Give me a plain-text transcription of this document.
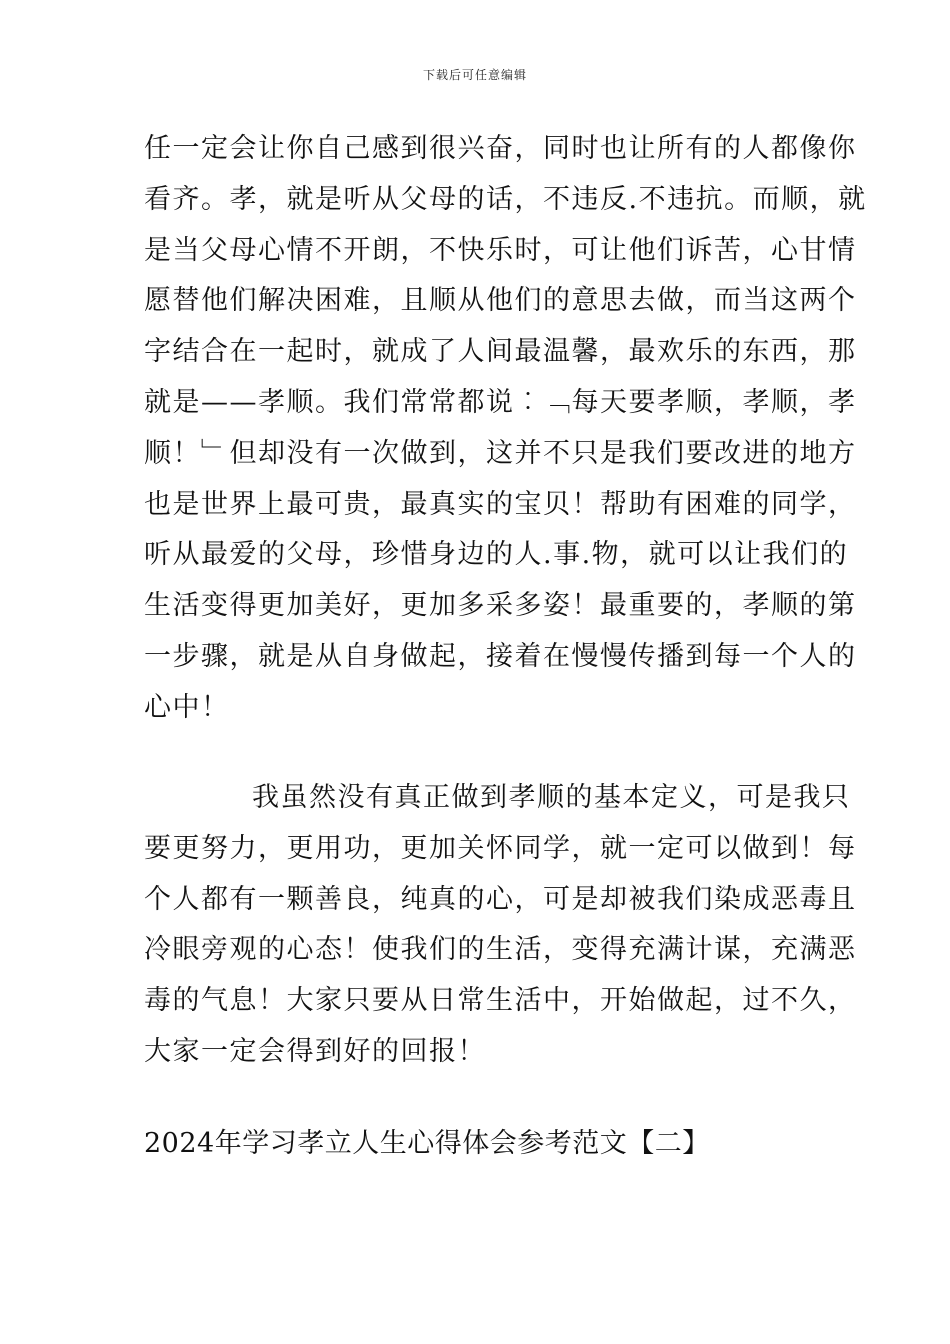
下载后可任意编辑
任一定会让你自己感到很兴奋，同时也让所有的人都像你
看齐。孝，就是听从父母的话，不违反.不违抗。而顺，就
是当父母心情不开朗，不快乐时，可让他们诉苦，心甘情
愿替他们解决困难，且顺从他们的意思去做，而当这两个
字结合在一起时，就成了人间最温馨，最欢乐的东西，那
就是——孝顺。我们常常都说︰﹁每天要孝顺，孝顺，孝
顺！﹂但却没有一次做到，这并不只是我们要改进的地方
也是世界上最可贵，最真实的宝贝！帮助有困难的同学，
听从最爱的父母，珍惜身边的人.事.物，就可以让我们的
生活变得更加美好，更加多采多姿！最重要的，孝顺的第
一步骤，就是从自身做起，接着在慢慢传播到每一个人的
心中！
我虽然没有真正做到孝顺的基本定义，可是我只
要更努力，更用功，更加关怀同学，就一定可以做到！每
个人都有一颗善良，纯真的心，可是却被我们染成恶毒且
冷眼旁观的心态！使我们的生活，变得充满计谋，充满恶
毒的气息！大家只要从日常生活中，开始做起，过不久，
大家一定会得到好的回报！
2024年学习孝立人生心得体会参考范文【二】
